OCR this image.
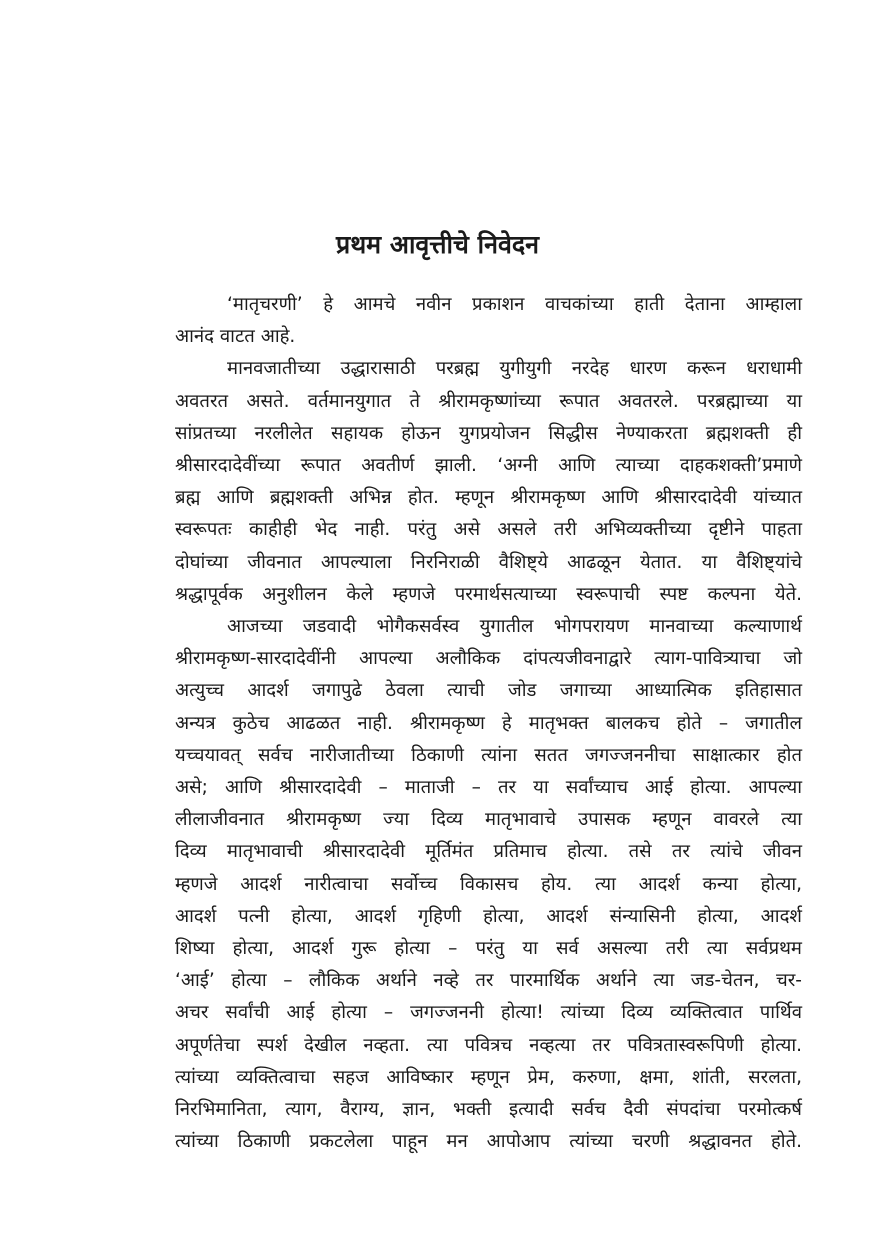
प्रथम आवृत्तीचे निवेदन
‘मातृचरणी’ हे आमचे नवीन प्रकाशन वाचकांच्या हाती देताना आम्हाला
आनंद वाटत आहे.
मानवजातीच्या उद्धारासाठी परब्रह्म युगीयुगी नरदेह धारण करून धराधामी
अवतरत असते. वर्तमानयुगात ते श्रीरामकृष्णांच्या रूपात अवतरले. परब्रह्माच्या या
सांप्रतच्या नरलीलेत सहायक होऊन युगप्रयोजन सिद्धीस नेण्याकरता ब्रह्मशक्ती ही
श्रीसारदादेवींच्या रूपात अवतीर्ण झाली. ‘अग्नी आणि त्याच्या दाहकशक्ती’प्रमाणे
ब्रह्म आणि ब्रह्मशक्ती अभिन्न होत. म्हणून श्रीरामकृष्ण आणि श्रीसारदादेवी यांच्यात
स्वरूपतः काहीही भेद नाही. परंतु असे असले तरी अभिव्यक्तीच्या दृष्टीने पाहता
दोघांच्या जीवनात आपल्याला निरनिराळी वैशिष्ट्ये आढळून येतात. या वैशिष्ट्यांचे
श्रद्धापूर्वक अनुशीलन केले म्हणजे परमार्थसत्याच्या स्वरूपाची स्पष्ट कल्पना येते.
आजच्या जडवादी भोगैकसर्वस्व युगातील भोगपरायण मानवाच्या कल्याणार्थ
श्रीरामकृष्ण-सारदादेवींनी आपल्या अलौकिक दांपत्यजीवनाद्वारे त्याग-पावित्र्याचा जो
अत्युच्च आदर्श जगापुढे ठेवला त्याची जोड जगाच्या आध्यात्मिक इतिहासात
अन्यत्र कुठेच आढळत नाही. श्रीरामकृष्ण हे मातृभक्त बालकच होते – जगातील
यच्चयावत् सर्वच नारीजातीच्या ठिकाणी त्यांना सतत जगज्जननीचा साक्षात्कार होत
असे; आणि श्रीसारदादेवी – माताजी – तर या सर्वांच्याच आई होत्या. आपल्या
लीलाजीवनात श्रीरामकृष्ण ज्या दिव्य मातृभावाचे उपासक म्हणून वावरले त्या
दिव्य मातृभावाची श्रीसारदादेवी मूर्तिमंत प्रतिमाच होत्या. तसे तर त्यांचे जीवन
म्हणजे आदर्श नारीत्वाचा सर्वोच्च विकासच होय. त्या आदर्श कन्या होत्या,
आदर्श पत्नी होत्या, आदर्श गृहिणी होत्या, आदर्श संन्यासिनी होत्या, आदर्श
शिष्या होत्या, आदर्श गुरू होत्या – परंतु या सर्व असल्या तरी त्या सर्वप्रथम
‘आई’ होत्या – लौकिक अर्थाने नव्हे तर पारमार्थिक अर्थाने त्या जड-चेतन, चर-
अचर सर्वांची आई होत्या – जगज्जननी होत्या! त्यांच्या दिव्य व्यक्तित्वात पार्थिव
अपूर्णतेचा स्पर्श देखील नव्हता. त्या पवित्रच नव्हत्या तर पवित्रतास्वरूपिणी होत्या.
त्यांच्या व्यक्तित्वाचा सहज आविष्कार म्हणून प्रेम, करुणा, क्षमा, शांती, सरलता,
निरभिमानिता, त्याग, वैराग्य, ज्ञान, भक्ती इत्यादी सर्वच दैवी संपदांचा परमोत्कर्ष
त्यांच्या ठिकाणी प्रकटलेला पाहून मन आपोआप त्यांच्या चरणी श्रद्धावनत होते.
